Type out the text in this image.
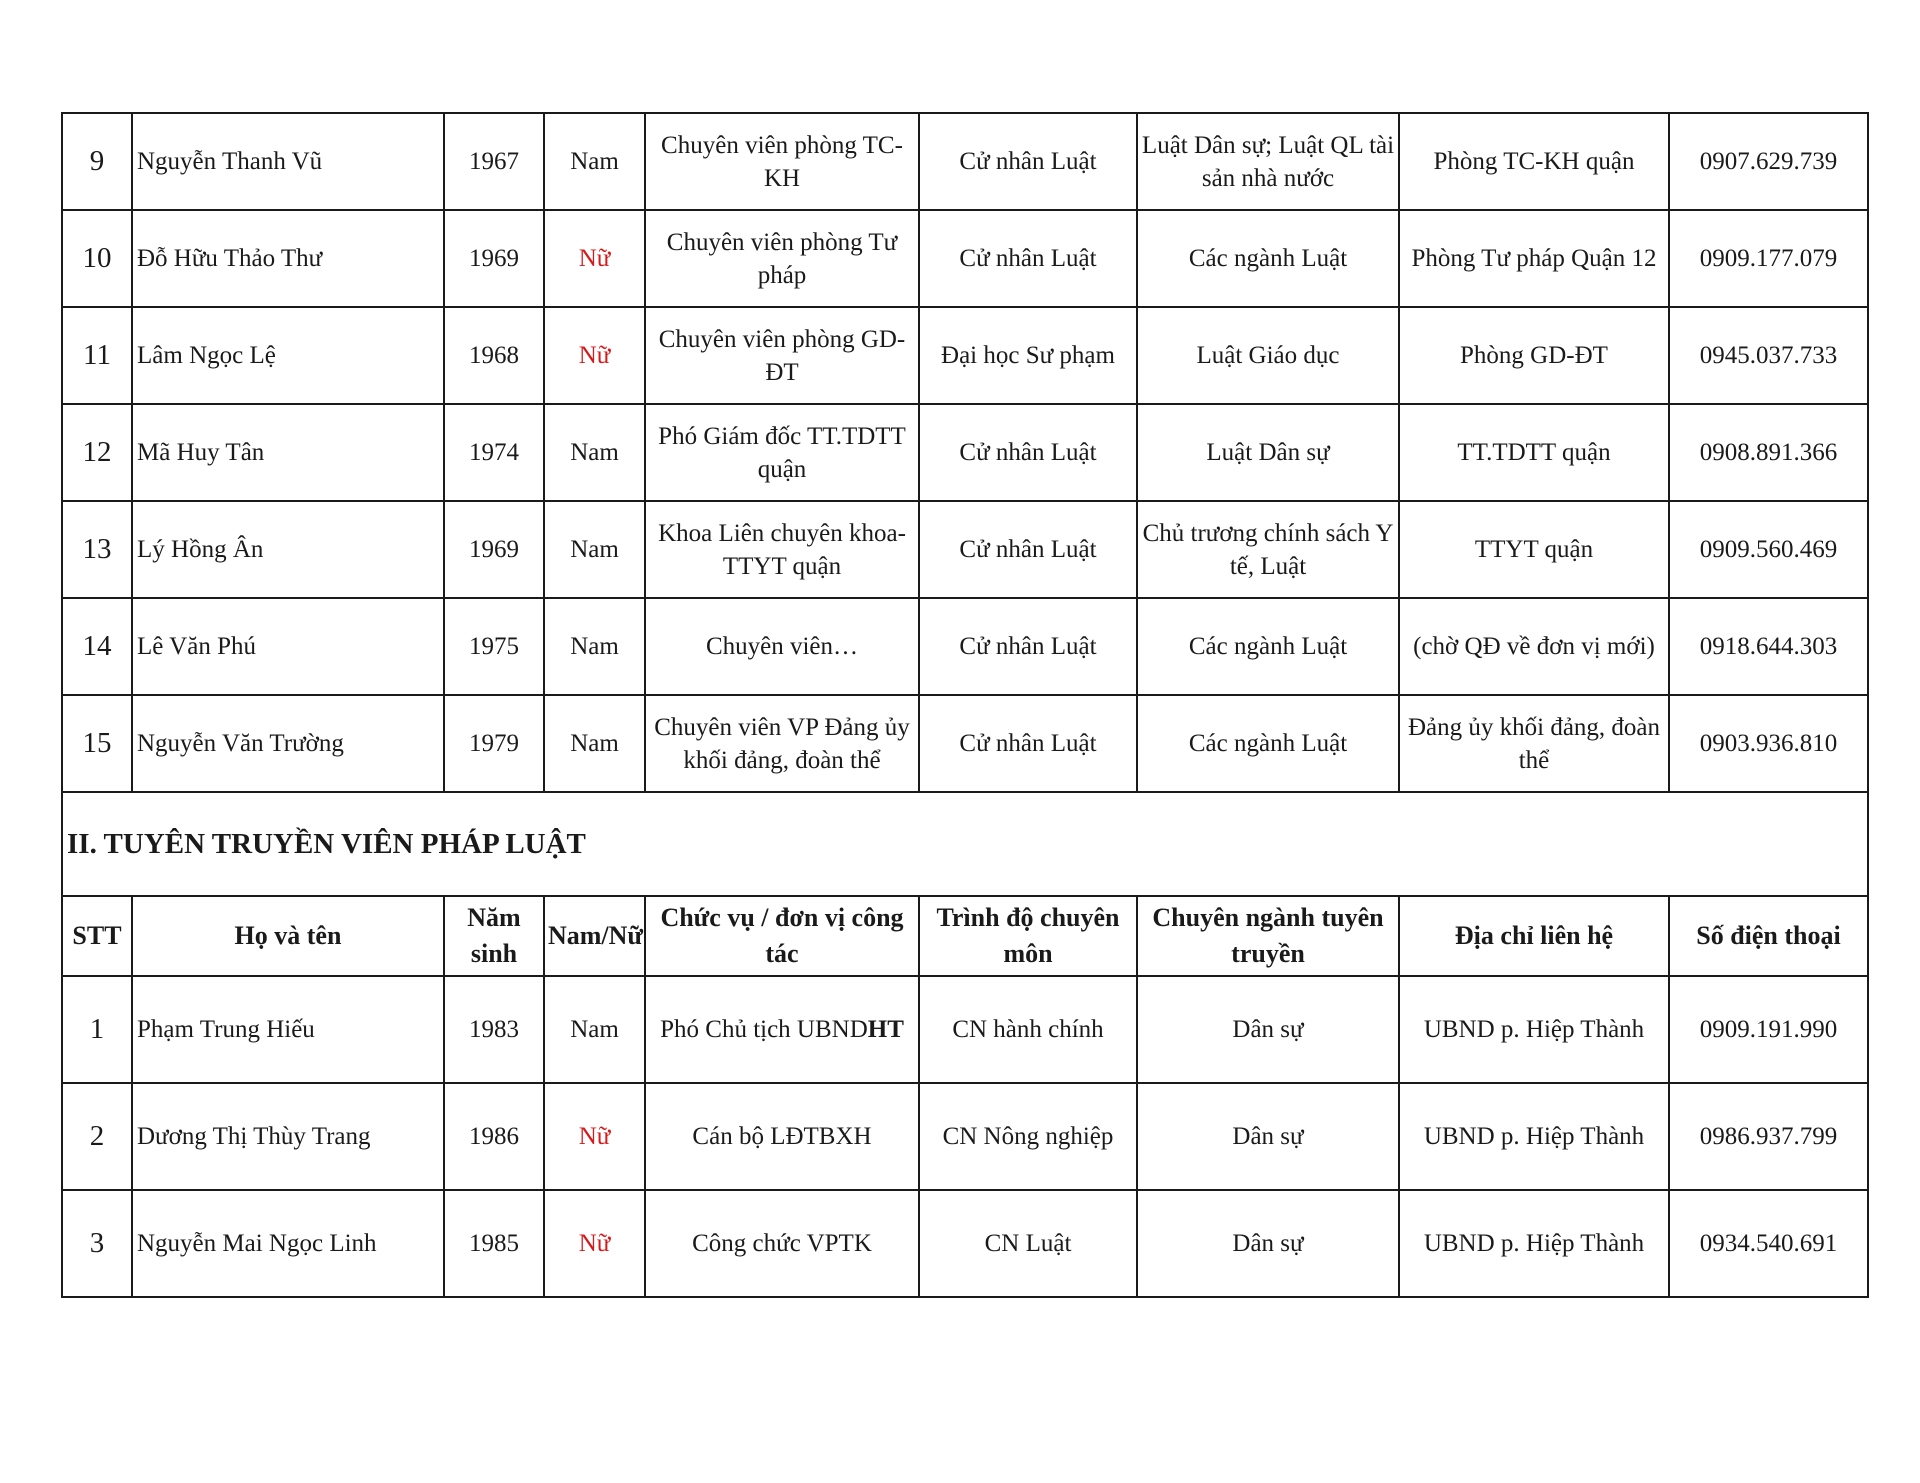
9	Nguyễn Thanh Vũ	1967	Nam	Chuyên viên phòng TC-KH	Cử nhân Luật	Luật Dân sự; Luật QL tài sản nhà nước	Phòng TC-KH quận	0907.629.739
10	Đỗ Hữu Thảo Thư	1969	Nữ	Chuyên viên phòng Tư pháp	Cử nhân Luật	Các ngành Luật	Phòng Tư pháp Quận 12	0909.177.079
11	Lâm Ngọc Lệ	1968	Nữ	Chuyên viên phòng GD-ĐT	Đại học Sư phạm	Luật Giáo dục	Phòng GD-ĐT	0945.037.733
12	Mã Huy Tân	1974	Nam	Phó Giám đốc TT.TDTT quận	Cử nhân Luật	Luật Dân sự	TT.TDTT quận	0908.891.366
13	Lý Hồng Ân	1969	Nam	Khoa Liên chuyên khoa-TTYT quận	Cử nhân Luật	Chủ trương chính sách Y tế, Luật	TTYT quận	0909.560.469
14	Lê Văn Phú	1975	Nam	Chuyên viên…	Cử nhân Luật	Các ngành Luật	(chờ QĐ về đơn vị mới)	0918.644.303
15	Nguyễn Văn Trường	1979	Nam	Chuyên viên VP Đảng ủy khối đảng, đoàn thể	Cử nhân Luật	Các ngành Luật	Đảng ủy khối đảng, đoàn thể	0903.936.810
II. TUYÊN TRUYỀN VIÊN PHÁP LUẬT								
STT	Họ và tên	Năm sinh	Nam/Nữ	Chức vụ / đơn vị công tác	Trình độ chuyên môn	Chuyên ngành tuyên truyền	Địa chỉ liên hệ	Số điện thoại
1	Phạm Trung Hiếu	1983	Nam	Phó Chủ tịch UBNDHT	CN hành chính	Dân sự	UBND p. Hiệp Thành	0909.191.990
2	Dương Thị Thùy Trang	1986	Nữ	Cán bộ LĐTBXH	CN Nông nghiệp	Dân sự	UBND p. Hiệp Thành	0986.937.799
3	Nguyễn Mai Ngọc Linh	1985	Nữ	Công chức VPTK	CN Luật	Dân sự	UBND p. Hiệp Thành	0934.540.691
